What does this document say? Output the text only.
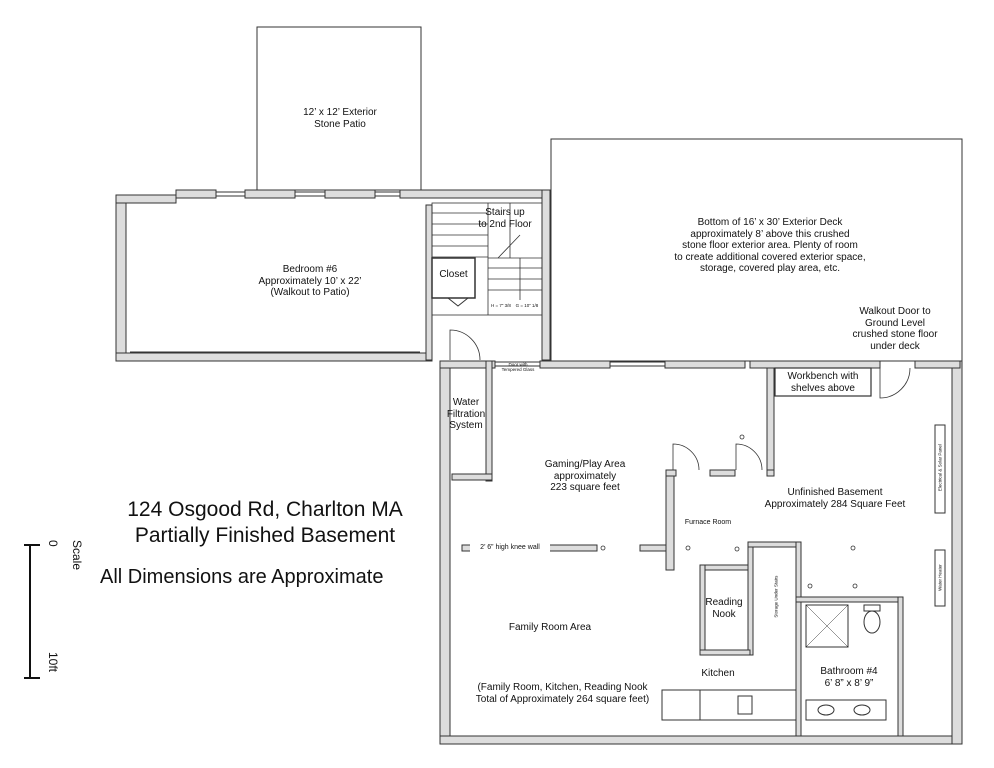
12’ x 12’ Exterior
Stone Patio
Stairs up
to 2nd Floor
Closet
Bedroom #6
Approximately 10’ x 22’
(Walkout to Patio)
Bottom of 16’ x 30’ Exterior Deck
approximately 8’ above this crushed
stone floor exterior area. Plenty of room
to create additional covered exterior space,
storage, covered play area, etc.
Walkout Door to
Ground Level
crushed stone floor
under deck
Workbench with
shelves above
Water
Filtration
System
Gaming/Play Area
approximately
223 square feet	Unfinished Basement
Approximately 284 Square Feet
Furnace Room
2’ 6” high knee wall
Reading
Nook
Family Room Area
Kitchen
(Family Room, Kitchen, Reading Nook
Total of Approximately 264 square feet)
Bathroom #4
6’ 8” x 8’ 9”
Electrical & Solar Panel
Water Heater
H = 7” 3/8	G = 10” 1/8
Door with
Tempered Glass
Storage Under Stairs
124 Osgood Rd, Charlton MA
Partially Finished Basement
All Dimensions are Approximate
Scale
0
10ft
